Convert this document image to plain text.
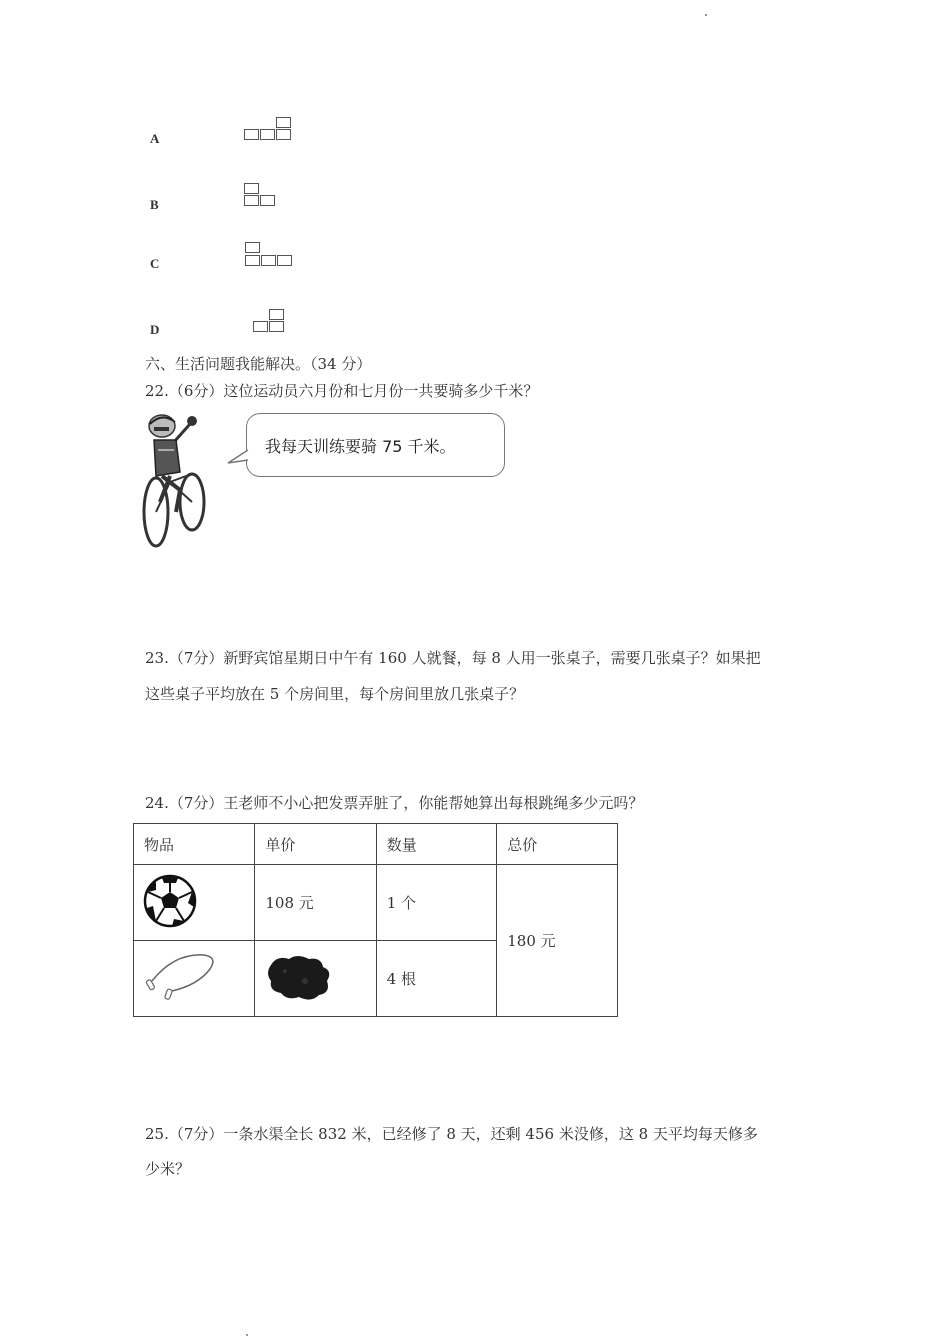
A
B
C
D
六、生活问题我能解决。（34 分）
22.（6分）这位运动员六月份和七月份一共要骑多少千米？
我每天训练要骑 75 千米。
23.（7分）新野宾馆星期日中午有 160 人就餐，每 8 人用一张桌子，需要几张桌子？如果把
这些桌子平均放在 5 个房间里，每个房间里放几张桌子？
24.（7分）王老师不小心把发票弄脏了，你能帮她算出每根跳绳多少元吗？
物品	单价	数量	总价
	108 元	1 个	180 元
		4 根	
25.（7分）一条水渠全长 832 米，已经修了 8 天，还剩 456 米没修，这 8 天平均每天修多
少米？
